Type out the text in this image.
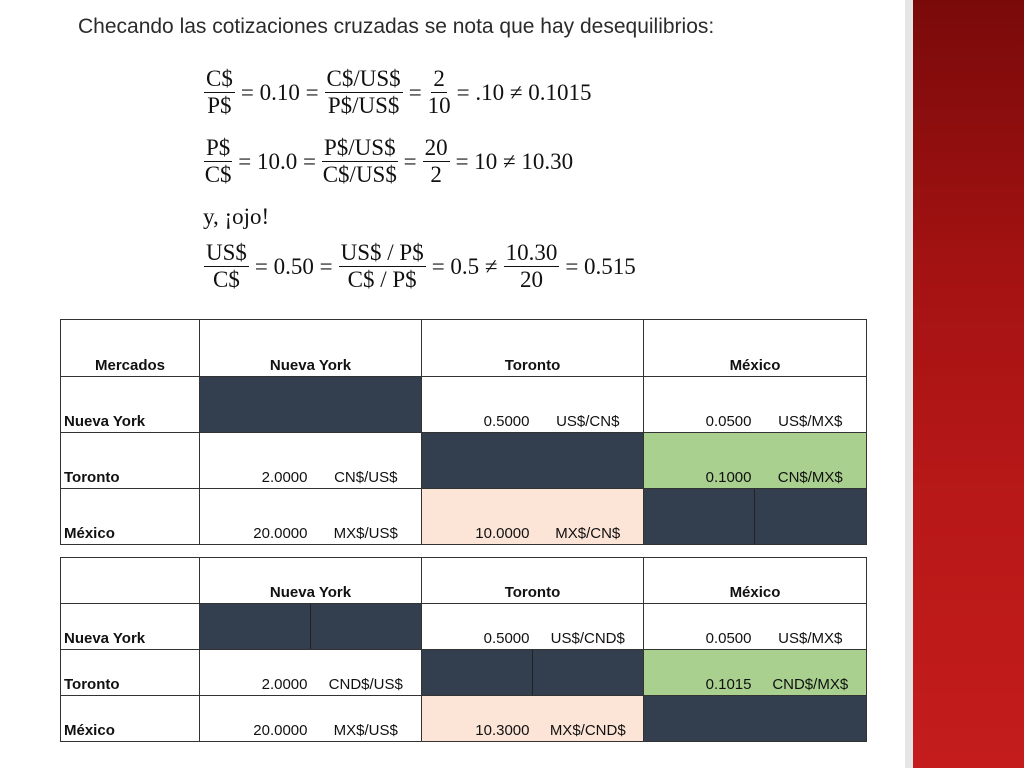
Checando las cotizaciones cruzadas se nota que hay desequilibrios:
$\frac{C\$}{P\$} = 0.10 = \frac{C\$/US\$}{P\$/US\$} = \frac{2}{10} = .10 \ne 0.1015$
$\frac{P\$}{C\$} = 10.0 = \frac{P\$/US\$}{C\$/US\$} = \frac{20}{2} = 10 \ne 10.30$
y, ¡ojo!
$\frac{US\$}{C\$} = 0.50 = \frac{US\$ / P\$}{C\$ / P\$} = 0.5 \ne \frac{10.30}{20} = 0.515$
Mercados	Nueva York		Toronto		México	
Nueva York			0.5000	US$/CN$	0.0500	US$/MX$
Toronto	2.0000	CN$/US$			0.1000	CN$/MX$
México	20.0000	MX$/US$	10.0000	MX$/CN$		
	Nueva York		Toronto		México	
Nueva York			0.5000	US$/CND$	0.0500	US$/MX$
Toronto	2.0000	CND$/US$			0.1015	CND$/MX$
México	20.0000	MX$/US$	10.3000	MX$/CND$		
